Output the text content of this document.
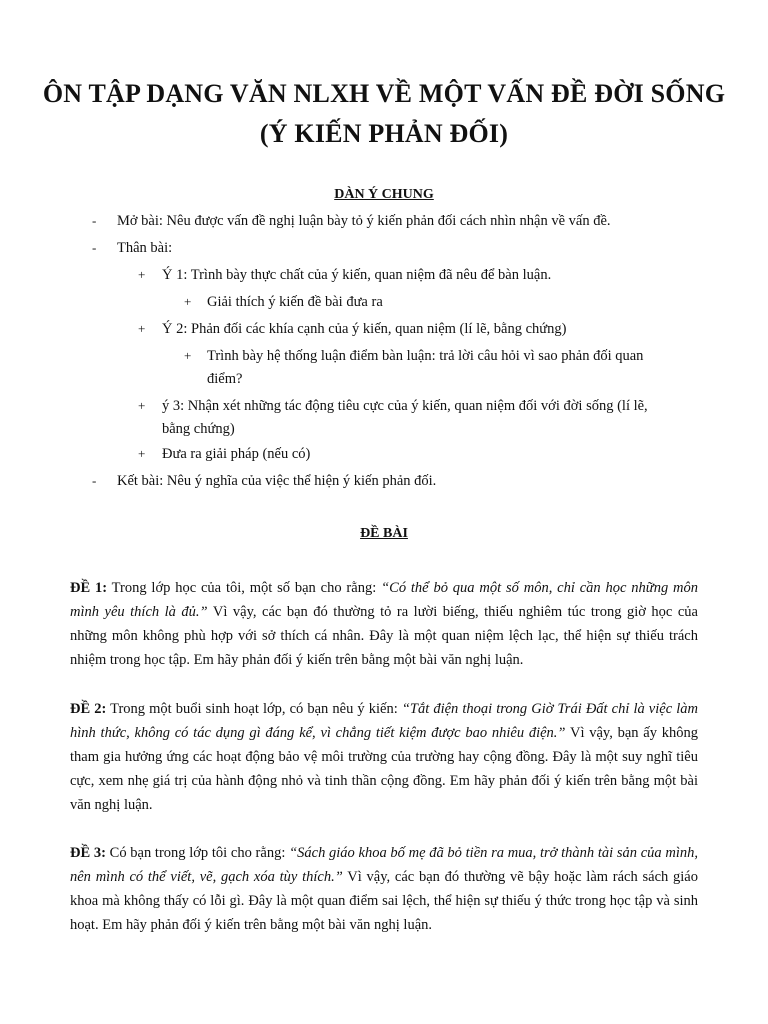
ÔN TẬP DẠNG VĂN NLXH VỀ MỘT VẤN ĐỀ ĐỜI SỐNG
(Ý KIẾN PHẢN ĐỐI)
DÀN Ý CHUNG
- Mở bài: Nêu được vấn đề nghị luận bày tỏ ý kiến phản đối cách nhìn nhận về vấn đề.

- Thân bài:

+ Ý 1: Trình bày thực chất của ý kiến, quan niệm đã nêu để bàn luận.

+ Giải thích ý kiến đề bài đưa ra

+ Ý 2: Phản đối các khía cạnh của ý kiến, quan niệm (lí lẽ, bằng chứng)

+ Trình bày hệ thống luận điểm bàn luận: trả lời câu hỏi vì sao phản đối quan

điểm?

+ ý 3: Nhận xét những tác động tiêu cực của ý kiến, quan niệm đối với đời sống (lí lẽ,

bằng chứng)

+ Đưa ra giải pháp (nếu có)

- Kết bài: Nêu ý nghĩa của việc thể hiện ý kiến phản đối.

ĐỀ BÀI

ĐỀ 1: Trong lớp học của tôi, một số bạn cho rằng: “Có thể bỏ qua một số môn, chỉ cần học những môn mình yêu thích là đủ.” Vì vậy, các bạn đó thường tỏ ra lười biếng, thiếu nghiêm túc trong giờ học của những môn không phù hợp với sở thích cá nhân. Đây là một quan niệm lệch lạc, thể hiện sự thiếu trách nhiệm trong học tập. Em hãy phản đối ý kiến trên bằng một bài văn nghị luận.

ĐỀ 2: Trong một buổi sinh hoạt lớp, có bạn nêu ý kiến: “Tắt điện thoại trong Giờ Trái Đất chỉ là việc làm hình thức, không có tác dụng gì đáng kể, vì chẳng tiết kiệm được bao nhiêu điện.” Vì vậy, bạn ấy không tham gia hưởng ứng các hoạt động bảo vệ môi trường của trường hay cộng đồng. Đây là một suy nghĩ tiêu cực, xem nhẹ giá trị của hành động nhỏ và tinh thần cộng đồng. Em hãy phản đối ý kiến trên bằng một bài văn nghị luận.

ĐỀ 3: Có bạn trong lớp tôi cho rằng: “Sách giáo khoa bố mẹ đã bỏ tiền ra mua, trở thành tài sản của mình, nên mình có thể viết, vẽ, gạch xóa tùy thích.” Vì vậy, các bạn đó thường vẽ bậy hoặc làm rách sách giáo khoa mà không thấy có lỗi gì. Đây là một quan điểm sai lệch, thể hiện sự thiếu ý thức trong học tập và sinh hoạt. Em hãy phản đối ý kiến trên bằng một bài văn nghị luận.
